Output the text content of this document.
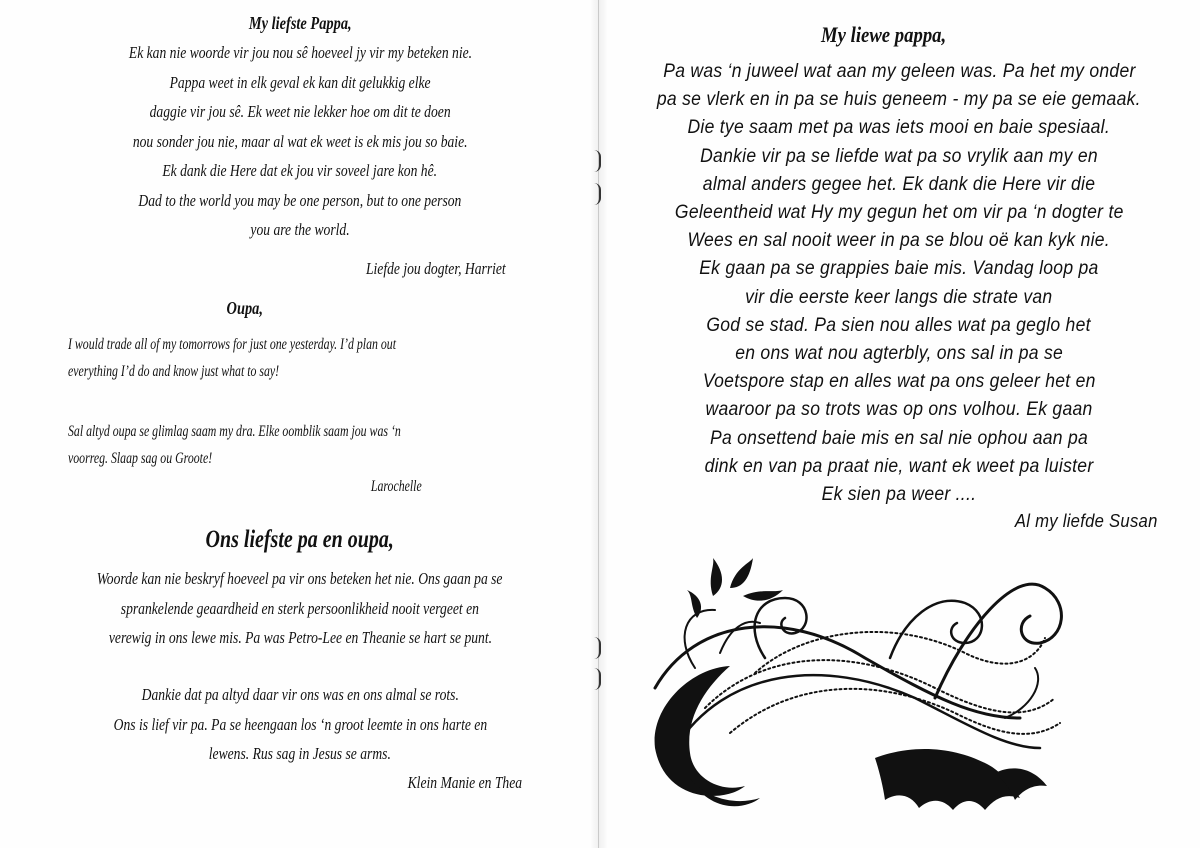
My liefste Pappa,
Ek kan nie woorde vir jou nou sê hoeveel jy vir my beteken nie.
Pappa weet in elk geval ek kan dit gelukkig elke
daggie vir jou sê. Ek weet nie lekker hoe om dit te doen
nou sonder jou nie, maar al wat ek weet is ek mis jou so baie.
Ek dank die Here dat ek jou vir soveel jare kon hê.
Dad to the world you may be one person, but to one person
you are the world.
Liefde jou dogter, Harriet
Oupa,
I would trade all of my tomorrows for just one yesterday. I’d plan out
everything I’d do and know just what to say!
Sal altyd oupa se glimlag saam my dra. Elke oomblik saam jou was ‘n
voorreg. Slaap sag ou Groote!
Larochelle
Ons liefste pa en oupa,
Woorde kan nie beskryf hoeveel pa vir ons beteken het nie. Ons gaan pa se
sprankelende geaardheid en sterk persoonlikheid nooit vergeet en
verewig in ons lewe mis. Pa was Petro-Lee en Theanie se hart se punt.
Dankie dat pa altyd daar vir ons was en ons almal se rots.
Ons is lief vir pa. Pa se heengaan los ‘n groot leemte in ons harte en
lewens. Rus sag in Jesus se arms.
Klein Manie en Thea
My liewe pappa,
Pa was ‘n juweel wat aan my geleen was. Pa het my onder
pa se vlerk en in pa se huis geneem - my pa se eie gemaak.
Die tye saam met pa was iets mooi en baie spesiaal.
Dankie vir pa se liefde wat pa so vrylik aan my en
almal anders gegee het. Ek dank die Here vir die
Geleentheid wat Hy my gegun het om vir pa ‘n dogter te
Wees en sal nooit weer in pa se blou oë kan kyk nie.
Ek gaan pa se grappies baie mis. Vandag loop pa
vir die eerste keer langs die strate van
God se stad. Pa sien nou alles wat pa geglo het
en ons wat nou agterbly, ons sal in pa se
Voetspore stap en alles wat pa ons geleer het en
waaroor pa so trots was op ons volhou. Ek gaan
Pa onsettend baie mis en sal nie ophou aan pa
dink en van pa praat nie, want ek weet pa luister
Ek sien pa weer ....
Al my liefde Susan
